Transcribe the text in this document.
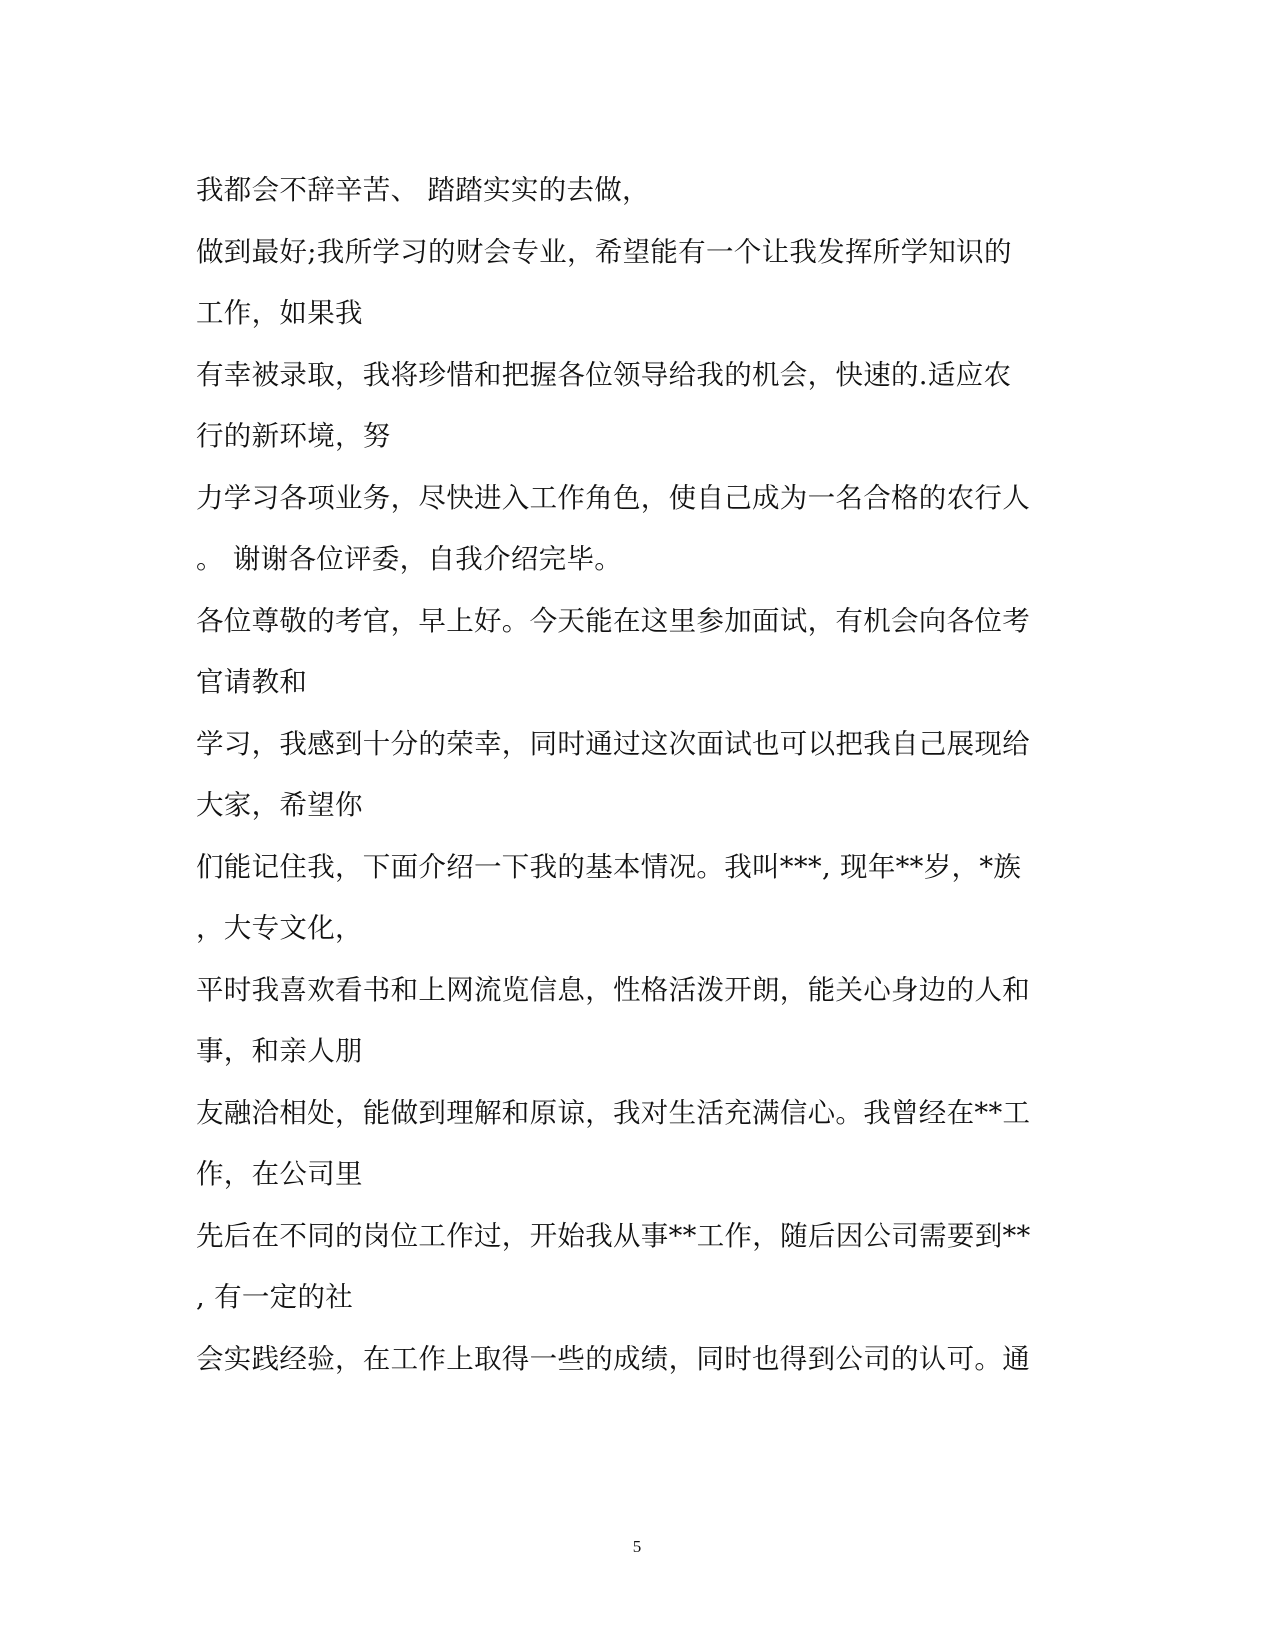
我都会不辞辛苦、 踏踏实实的去做，
做到最好;我所学习的财会专业，希望能有一个让我发挥所学知识的
工作，如果我
有幸被录取，我将珍惜和把握各位领导给我的机会，快速的.适应农
行的新环境，努
力学习各项业务，尽快进入工作角色，使自己成为一名合格的农行人
。 谢谢各位评委，自我介绍完毕。
各位尊敬的考官，早上好。今天能在这里参加面试，有机会向各位考
官请教和
学习，我感到十分的荣幸，同时通过这次面试也可以把我自己展现给
大家，希望你
们能记住我，下面介绍一下我的基本情况。我叫***, 现年**岁，*族
，大专文化，
平时我喜欢看书和上网流览信息，性格活泼开朗，能关心身边的人和
事，和亲人朋
友融洽相处，能做到理解和原谅，我对生活充满信心。我曾经在**工
作，在公司里
先后在不同的岗位工作过，开始我从事**工作，随后因公司需要到**
, 有一定的社
会实践经验，在工作上取得一些的成绩，同时也得到公司的认可。通
5
